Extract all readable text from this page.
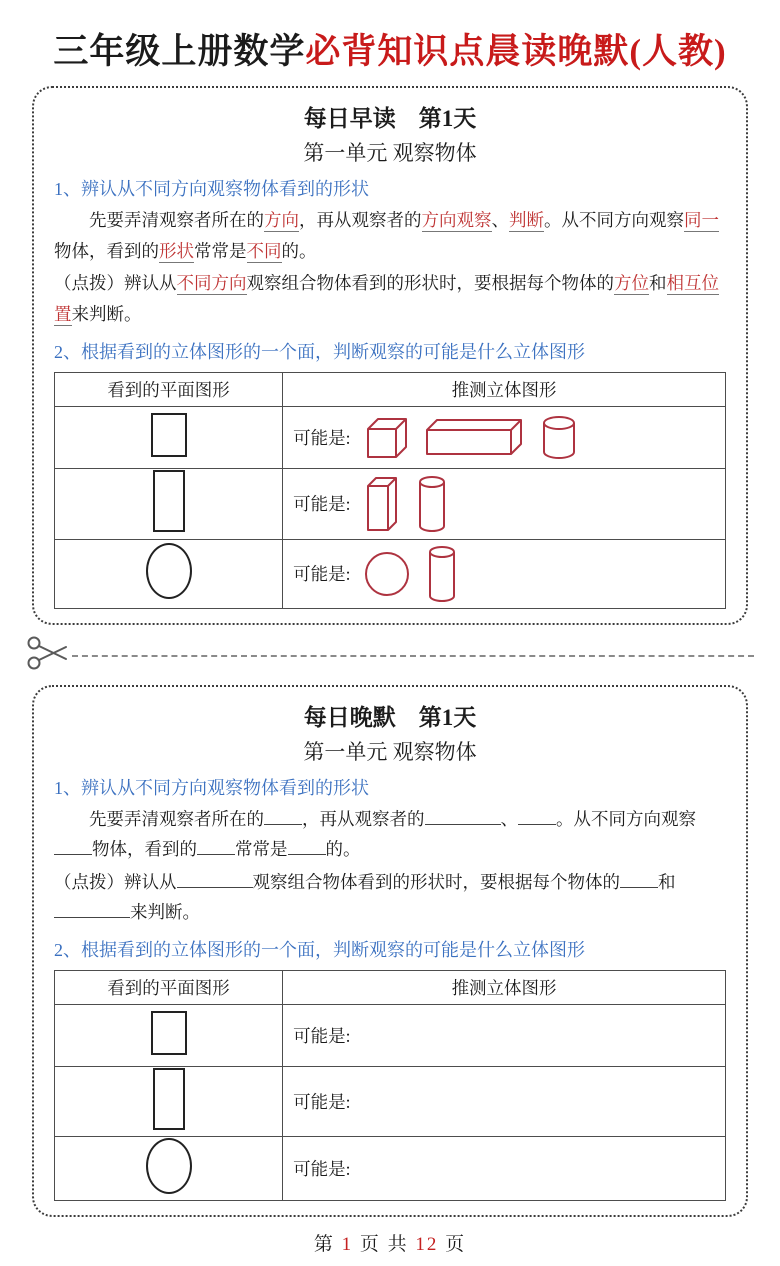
三年级上册数学必背知识点晨读晚默(人教)
每日早读　第1天
第一单元 观察物体
1、辨认从不同方向观察物体看到的形状

先要弄清观察者所在的方向，再从观察者的方向观察、判断。从不同方向观察同一物体，看到的形状常常是不同的。

（点拨）辨认从不同方向观察组合物体看到的形状时，要根据每个物体的方位和相互位置来判断。

2、根据看到的立体图形的一个面，判断观察的可能是什么立体图形
看到的平面图形	推测立体图形

	可能是:

	可能是:

	可能是:
每日晚默　第1天
第一单元 观察物体
1、辨认从不同方向观察物体看到的形状

先要弄清观察者所在的 ，再从观察者的	、 。从不同方向观察物体，看到的 常常是 的。

（点拨）辨认从	观察组合物体看到的形状时，要根据每个物体的 和来判断。

2、根据看到的立体图形的一个面，判断观察的可能是什么立体图形
看到的平面图形	推测立体图形

	可能是:

	可能是:

	可能是:
第 1 页 共 12 页
